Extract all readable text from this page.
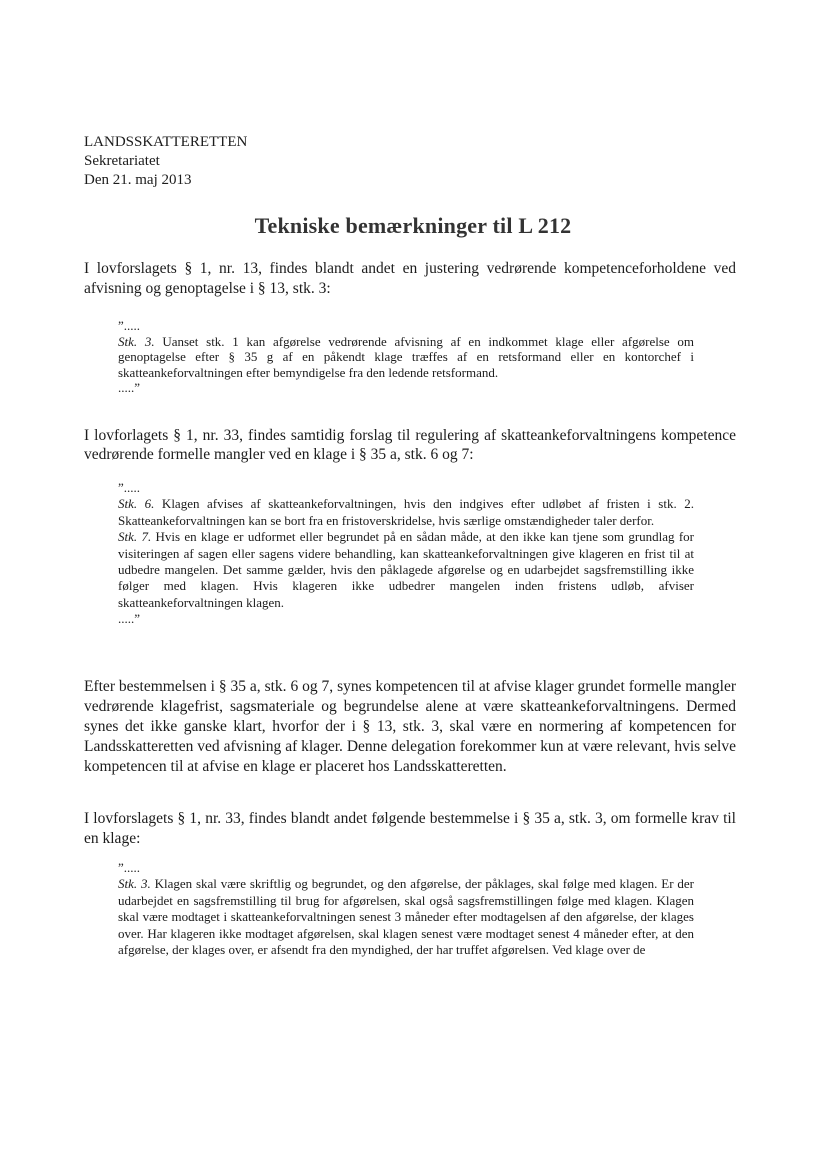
LANDSSKATTERETTEN
Sekretariatet
Den 21. maj 2013
Tekniske bemærkninger til L 212

I lovforslagets § 1, nr. 13, findes blandt andet en justering vedrørende kompetenceforholdene ved afvisning og genoptagelse i § 13, stk. 3:

”.....
Stk. 3. Uanset stk. 1 kan afgørelse vedrørende afvisning af en indkommet klage eller afgørelse om genoptagelse efter § 35 g af en påkendt klage træffes af en retsformand eller en kontorchef i skatteankeforvaltningen efter bemyndigelse fra den ledende retsformand.
.....”

I lovforlagets § 1, nr. 33, findes samtidig forslag til regulering af skatteankeforvaltningens kompetence vedrørende formelle mangler ved en klage i § 35 a, stk. 6 og 7:

”.....
Stk. 6. Klagen afvises af skatteankeforvaltningen, hvis den indgives efter udløbet af fristen i stk. 2. Skatteankeforvaltningen kan se bort fra en fristoverskridelse, hvis særlige omstændigheder taler derfor.
Stk. 7. Hvis en klage er udformet eller begrundet på en sådan måde, at den ikke kan tjene som grundlag for visiteringen af sagen eller sagens videre behandling, kan skatteankeforvaltningen give klageren en frist til at udbedre mangelen. Det samme gælder, hvis den påklagede afgørelse og en udarbejdet sagsfremstilling ikke følger med klagen. Hvis klageren ikke udbedrer mangelen inden fristens udløb, afviser skatteankeforvaltningen klagen.
.....”

Efter bestemmelsen i § 35 a, stk. 6 og 7, synes kompetencen til at afvise klager grundet formelle mangler vedrørende klagefrist, sagsmateriale og begrundelse alene at være skatteankeforvaltningens. Dermed synes det ikke ganske klart, hvorfor der i § 13, stk. 3, skal være en normering af kompetencen for Landsskatteretten ved afvisning af klager. Denne delegation forekommer kun at være relevant, hvis selve kompetencen til at afvise en klage er placeret hos Landsskatteretten.

I lovforslagets § 1, nr. 33, findes blandt andet følgende bestemmelse i § 35 a, stk. 3, om formelle krav til en klage:

”.....
Stk. 3. Klagen skal være skriftlig og begrundet, og den afgørelse, der påklages, skal følge med klagen. Er der udarbejdet en sagsfremstilling til brug for afgørelsen, skal også sagsfremstillingen følge med klagen. Klagen skal være modtaget i skatteankeforvaltningen senest 3 måneder efter modtagelsen af den afgørelse, der klages over. Har klageren ikke modtaget afgørelsen, skal klagen senest være modtaget senest 4 måneder efter, at den afgørelse, der klages over, er afsendt fra den myndighed, der har truffet afgørelsen. Ved klage over de
